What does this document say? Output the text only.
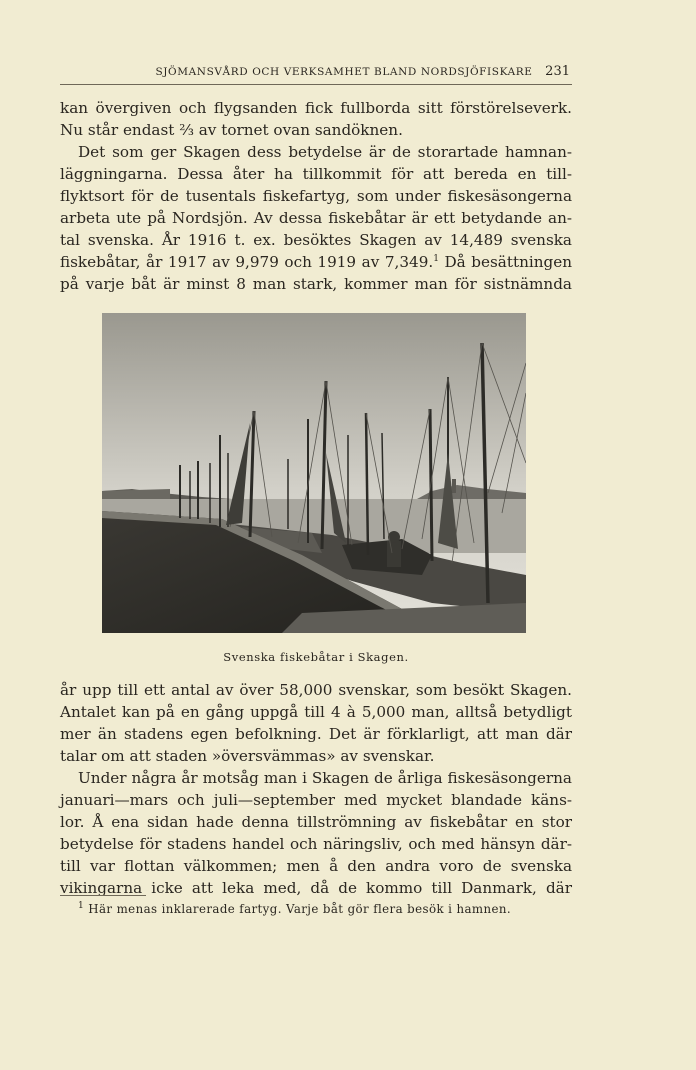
SJÖMANSVÅRD OCH VERKSAMHET BLAND NORDSJÖFISKARE 231

kan övergiven och flygsanden fick fullborda sitt förstörelseverk.

Nu står endast ⅔ av tornet ovan sandöknen.

Det som ger Skagen dess betydelse är de storartade hamnan-

läggningarna. Dessa åter ha tillkommit för att bereda en till-

flyktsort för de tusentals fiskefartyg, som under fiskesäsongerna

arbeta ute på Nordsjön. Av dessa fiskebåtar är ett betydande an-

tal svenska. År 1916 t. ex. besöktes Skagen av 14,489 svenska

fiskebåtar, år 1917 av 9,979 och 1919 av 7,349.$^1$ Då besättningen

på varje båt är minst 8 man stark, kommer man för sistnämnda

Svenska fiskebåtar i Skagen.

år upp till ett antal av över 58,000 svenskar, som besökt Skagen.

Antalet kan på en gång uppgå till 4 à 5,000 man, alltså betydligt

mer än stadens egen befolkning. Det är förklarligt, att man där

talar om att staden »översvämmas» av svenskar.

Under några år motsåg man i Skagen de årliga fiskesäsongerna

januari—mars och juli—september med mycket blandade käns-

lor. Å ena sidan hade denna tillströmning av fiskebåtar en stor

betydelse för stadens handel och näringsliv, och med hänsyn där-

till var flottan välkommen; men å den andra voro de svenska

vikingarna icke att leka med, då de kommo till Danmark, där

$^1$ Här menas inklarerade fartyg. Varje båt gör flera besök i hamnen.
